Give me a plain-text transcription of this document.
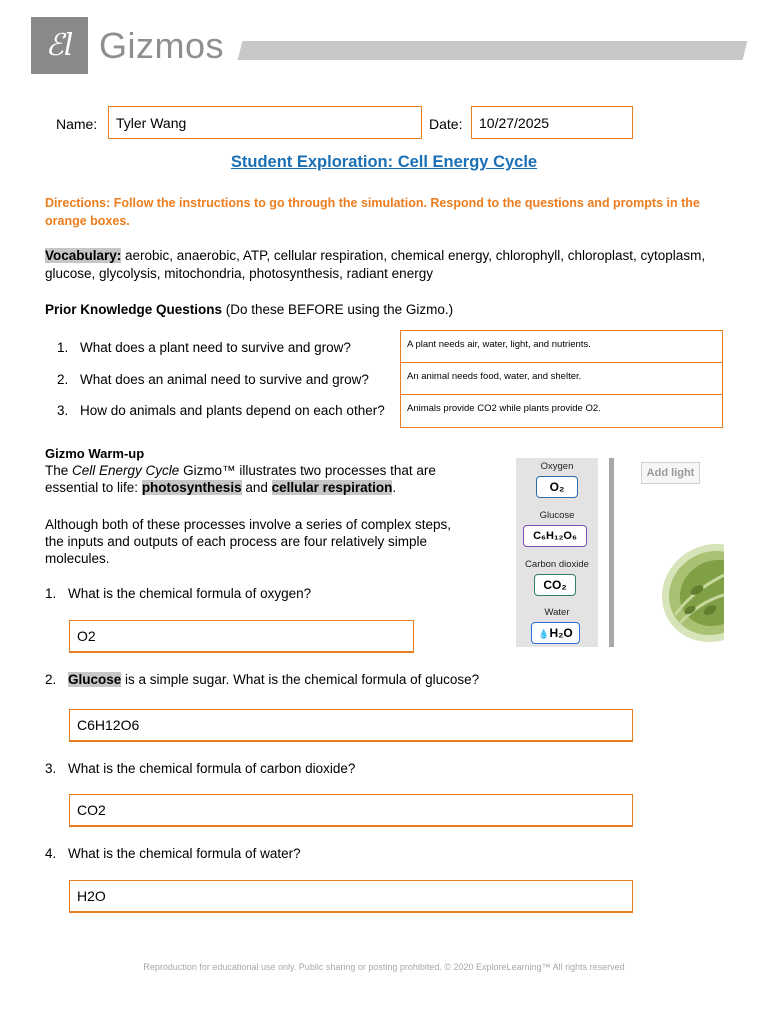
ℰl Gizmos
Name:	Tyler Wang	Date:	10/27/2025
Student Exploration: Cell Energy Cycle
Directions: Follow the instructions to go through the simulation. Respond to the questions and prompts in the orange boxes.
Vocabulary: aerobic, anaerobic, ATP, cellular respiration, chemical energy, chlorophyll, chloroplast, cytoplasm, glucose, glycolysis, mitochondria, photosynthesis, radiant energy
Prior Knowledge Questions (Do these BEFORE using the Gizmo.)
1. What does a plant need to survive and grow?	A plant needs air, water, light, and nutrients.
2. What does an animal need to survive and grow?	An animal needs food, water, and shelter.
3. How do animals and plants depend on each other?	Animals provide CO2 while plants provide O2.
Gizmo Warm-up
The Cell Energy Cycle Gizmo™ illustrates two processes that are essential to life: photosynthesis and cellular respiration.
Although both of these processes involve a series of complex steps, the inputs and outputs of each process are four relatively simple molecules.
1. What is the chemical formula of oxygen?
O2
2. Glucose is a simple sugar. What is the chemical formula of glucose?
C6H12O6
3. What is the chemical formula of carbon dioxide?
CO2
4. What is the chemical formula of water?
H2O
Oxygen
O₂
Glucose
C₆H₁₂O₆
Carbon dioxide
CO₂
Water
💧H₂O
Add light
Reproduction for educational use only. Public sharing or posting prohibited. © 2020 ExploreLearning™ All rights reserved
